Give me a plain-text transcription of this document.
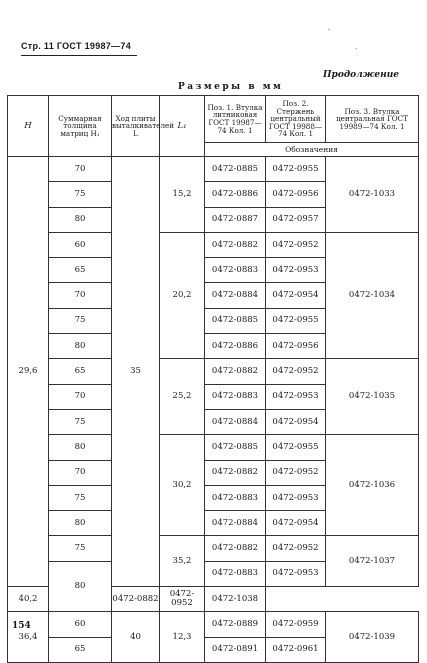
Стр. 11 ГОСТ 19987—74
'
.
Продолжение
Размеры в мм
H	Суммарная толщина матриц H₁	Ход плиты выталкивателей L	L₁	Поз. 1. Втулка литниковая ГОСТ 19987—74 Кол. 1	Поз. 2. Стержень центральный ГОСТ 19988—74 Кол. 1	Поз. 3. Втулка центральная ГОСТ 19989—74 Кол. 1
				Обозначения		
29,6	70	35	15,2	0472-0885	0472-0955	0472-1033
	75			0472-0886	0472-0956	
	80			0472-0887	0472-0957	
	60		20,2	0472-0882	0472-0952	0472-1034
	65			0472-0883	0472-0953	
	70			0472-0884	0472-0954	
	75			0472-0885	0472-0955	
	80			0472-0886	0472-0956	
	65		25,2	0472-0882	0472-0952	0472-1035
	70			0472-0883	0472-0953	
	75			0472-0884	0472-0954	
	80		30,2	0472-0885	0472-0955	0472-1036
	70			0472-0882	0472-0952	
	75			0472-0883	0472-0953	
	80			0472-0884	0472-0954	
	75		35,2	0472-0882	0472-0952	0472-1037
	80			0472-0883	0472-0953	
40,2		0472-0882	0472-0952	0472-1038		
36,4	60	40	12,3	0472-0889	0472-0959	0472-1039
	65			0472-0891	0472-0961	
154
